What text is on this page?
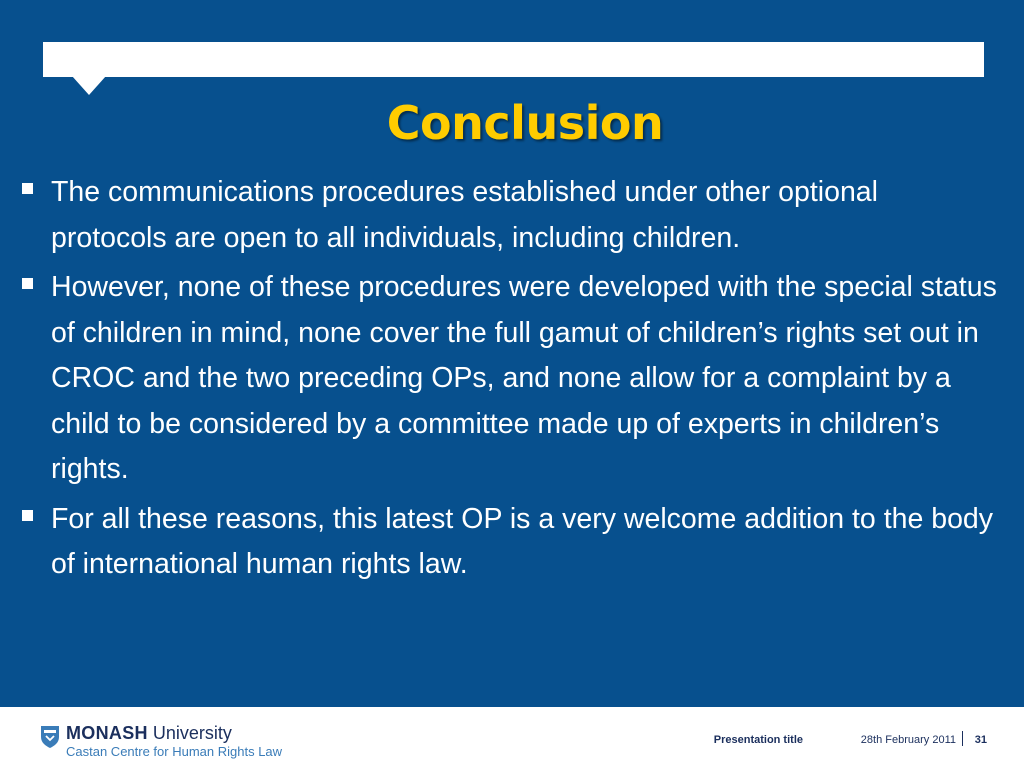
Conclusion
The communications procedures established under other optional protocols are open to all individuals, including children.
However, none of these procedures were developed with the special status of children in mind, none cover the full gamut of children’s rights set out in CROC and the two preceding OPs, and none allow for a complaint by a child to be considered by a committee made up of experts in children’s rights.
For all these reasons, this latest OP is a very welcome addition to the body of international human rights law.
MONASH University
Castan Centre for Human Rights Law
Presentation title	28th February 2011 31
